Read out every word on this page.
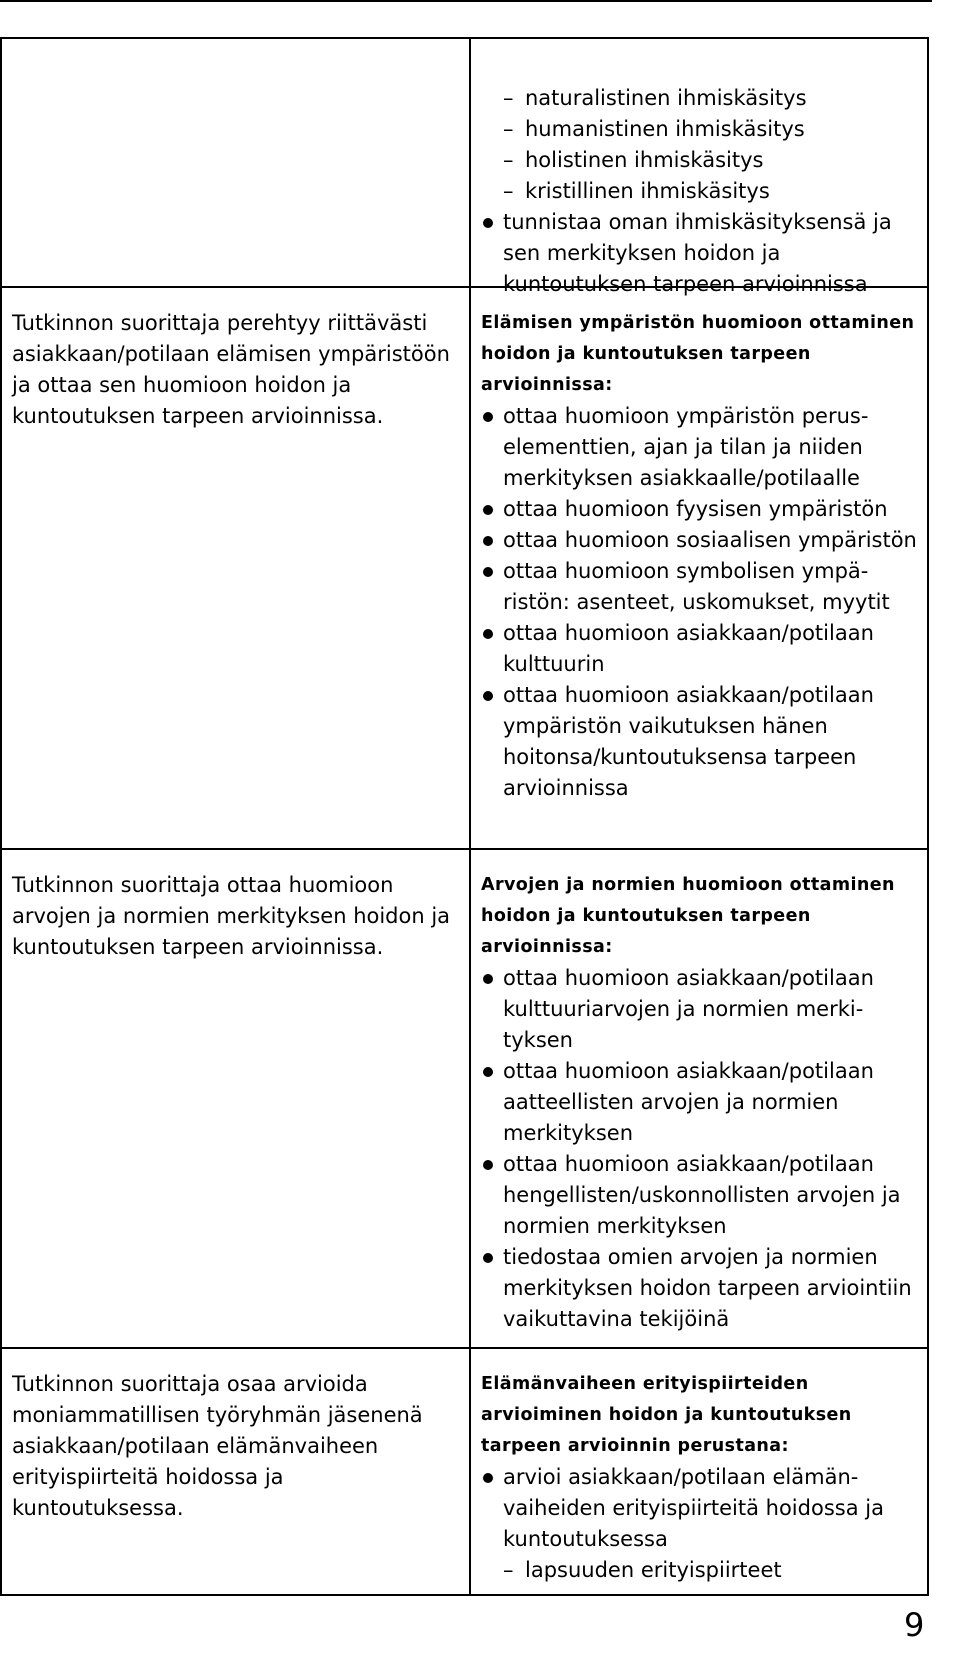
– naturalistinen ihmiskäsitys
– humanistinen ihmiskäsitys
– holistinen ihmiskäsitys
– kristillinen ihmiskäsitys
tunnistaa oman ihmiskäsityksensä ja sen merkityksen hoidon ja kuntoutuksen tarpeen arvioinnissa
Tutkinnon suorittaja perehtyy riittävästi asiakkaan/potilaan elämisen ympäristöön ja ottaa sen huomioon hoidon ja kuntoutuksen tarpeen arvioinnissa.
Elämisen ympäristön huomioon ottaminen hoidon ja kuntoutuksen tarpeen arvioinnissa:
ottaa huomioon ympäristön peruselementtien, ajan ja tilan ja niiden merkityksen asiakkaalle/potilaalle
ottaa huomioon fyysisen ympäristön
ottaa huomioon sosiaalisen ympäristön
ottaa huomioon symbolisen ympäristön: asenteet, uskomukset, myytit
ottaa huomioon asiakkaan/potilaan kulttuurin
ottaa huomioon asiakkaan/potilaan ympäristön vaikutuksen hänen hoitonsa/kuntoutuksensa tarpeen arvioinnissa
Tutkinnon suorittaja ottaa huomioon arvojen ja normien merkityksen hoidon ja kuntoutuksen tarpeen arvioinnissa.
Arvojen ja normien huomioon ottaminen hoidon ja kuntoutuksen tarpeen arvioinnissa:
ottaa huomioon asiakkaan/potilaan kulttuuriarvojen ja normien merkityksen
ottaa huomioon asiakkaan/potilaan aatteellisten arvojen ja normien merkityksen
ottaa huomioon asiakkaan/potilaan hengellisten/uskonnollisten arvojen ja normien merkityksen
tiedostaa omien arvojen ja normien merkityksen hoidon tarpeen arviointiin vaikuttavina tekijöinä
Tutkinnon suorittaja osaa arvioida moniammatillisen työryhmän jäsenenä asiakkaan/potilaan elämänvaiheen erityispiirteitä hoidossa ja kuntoutuksessa.
Elämänvaiheen erityispiirteiden arvioiminen hoidon ja kuntoutuksen tarpeen arvioinnin perustana:
arvioi asiakkaan/potilaan elämänvaiheiden erityispiirteitä hoidossa ja kuntoutuksessa
– lapsuuden erityispiirteet
9
